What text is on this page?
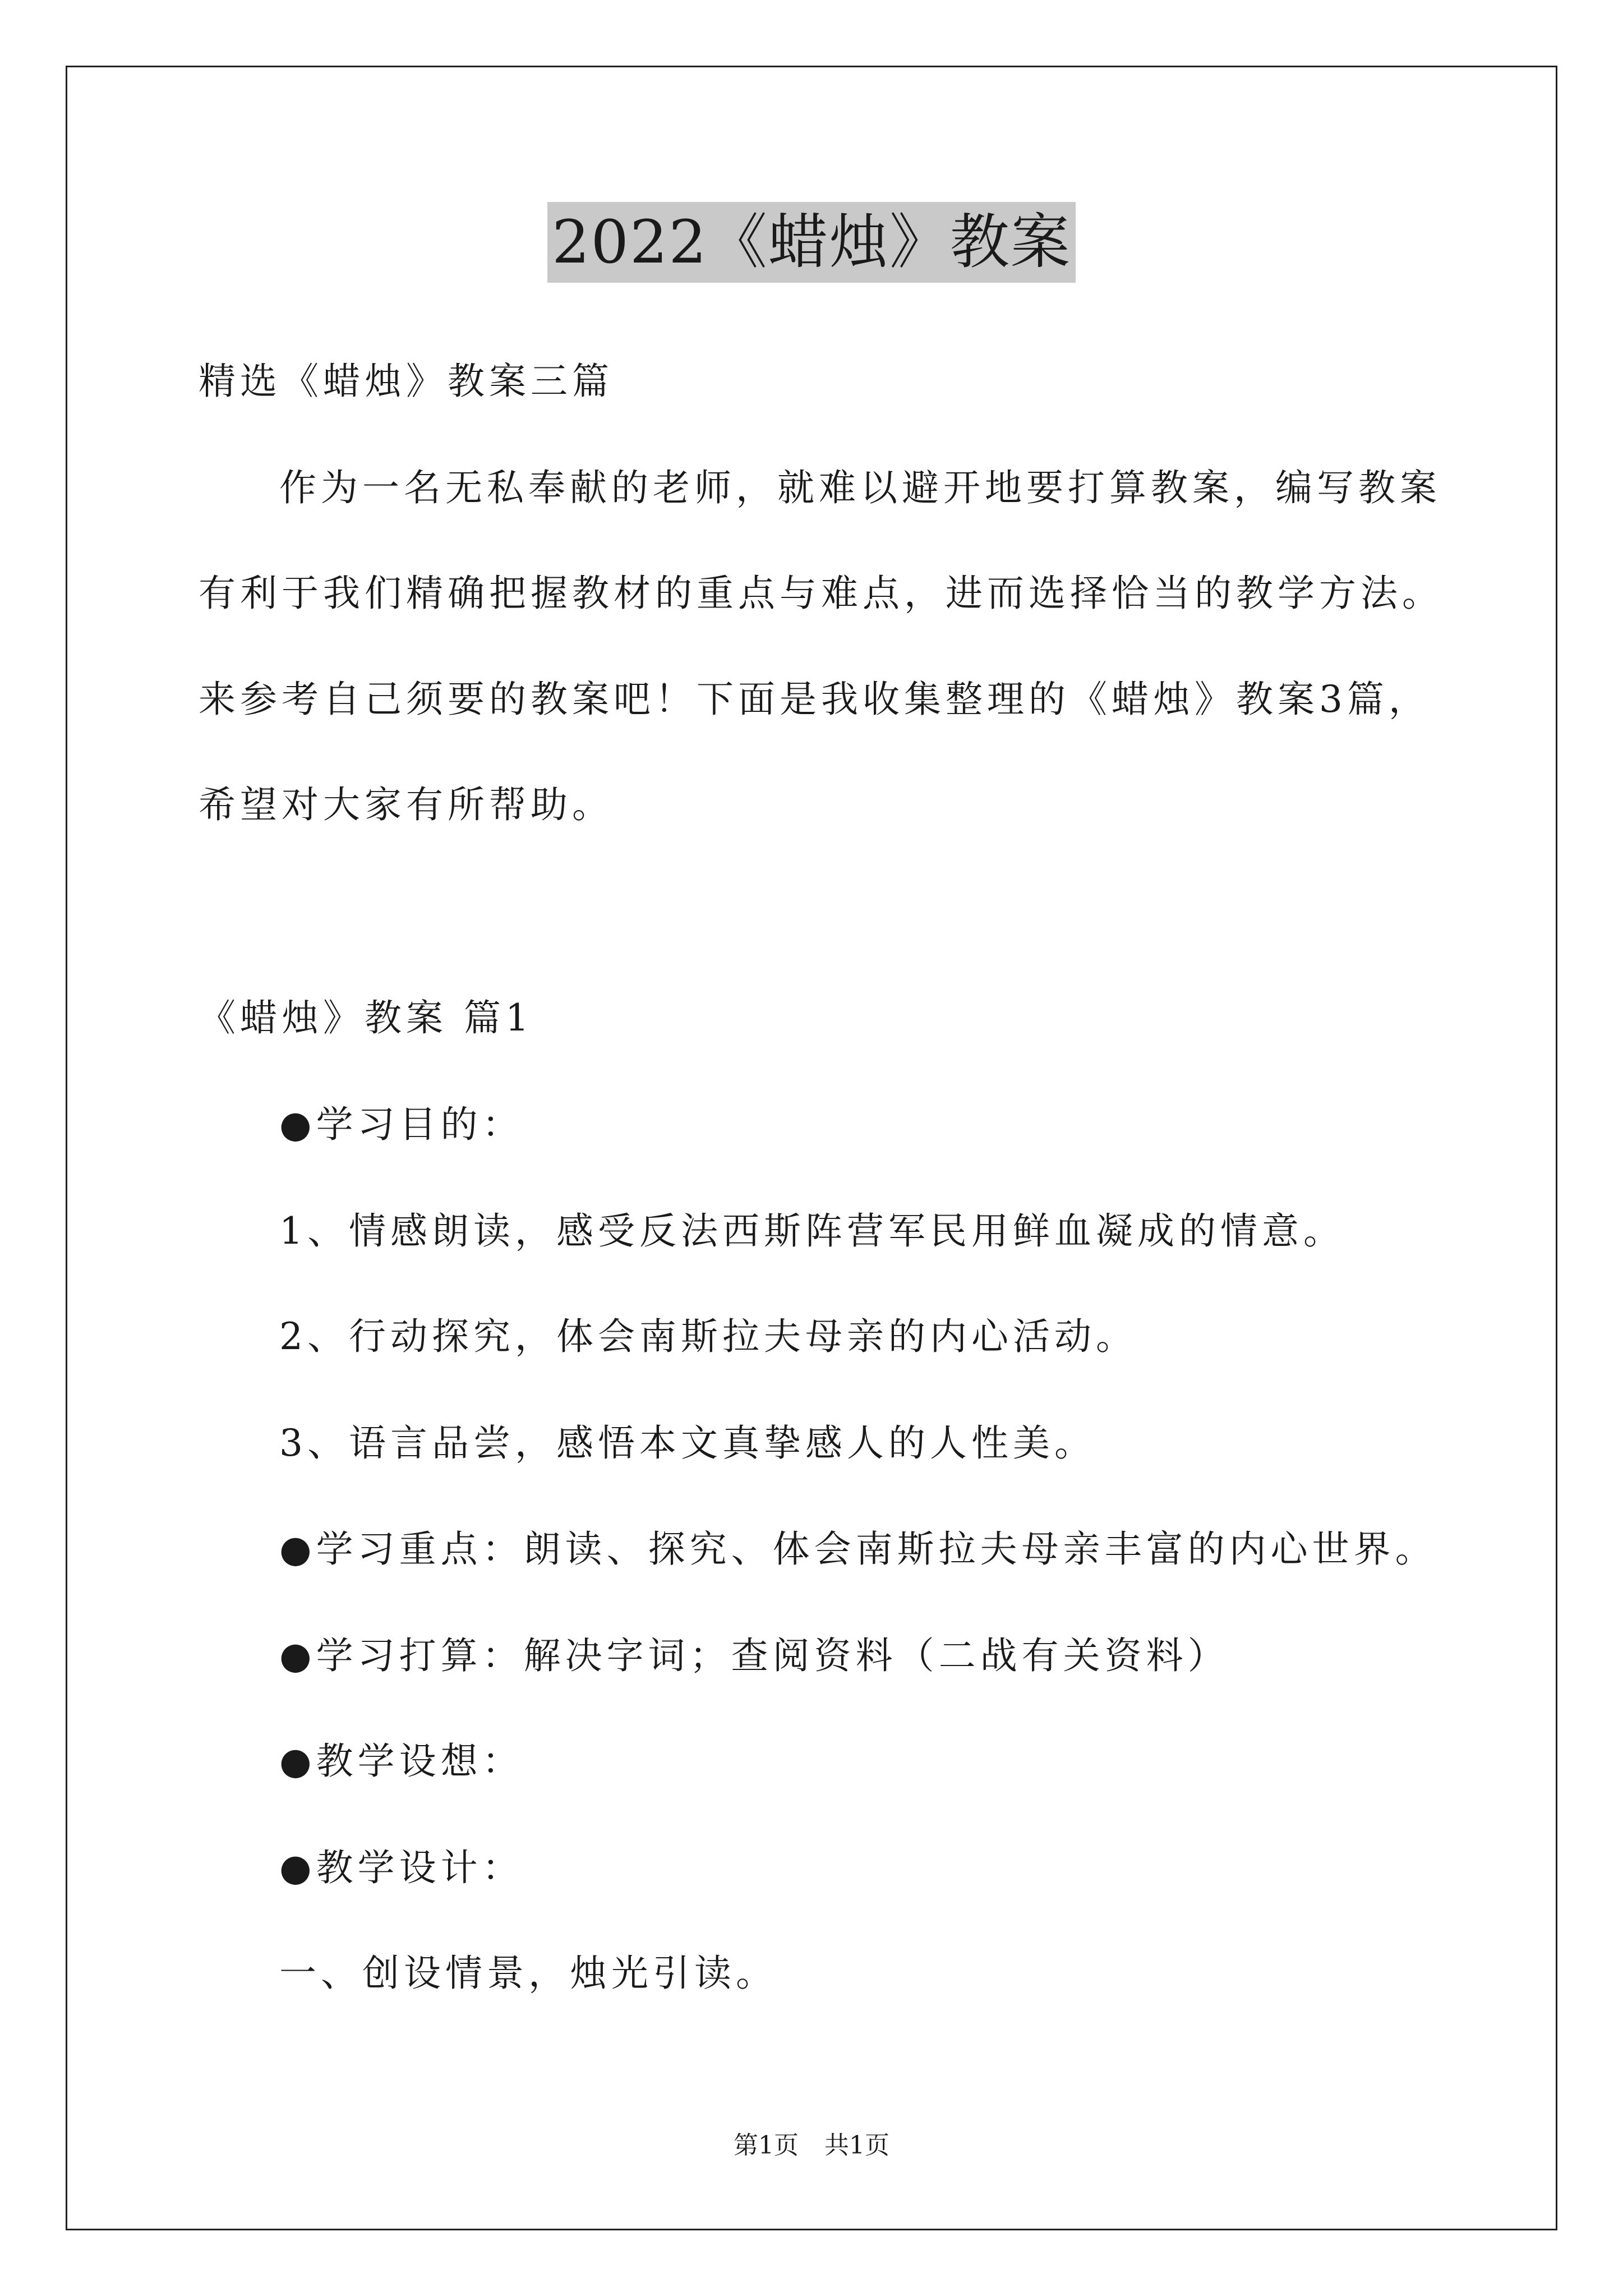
2022《蜡烛》教案
精选《蜡烛》教案三篇
作为一名无私奉献的老师，就难以避开地要打算教案，编写教案
有利于我们精确把握教材的重点与难点，进而选择恰当的教学方法。
来参考自己须要的教案吧！下面是我收集整理的《蜡烛》教案3篇，
希望对大家有所帮助。
《蜡烛》教案 篇1
●学习目的：
1、情感朗读，感受反法西斯阵营军民用鲜血凝成的情意。
2、行动探究，体会南斯拉夫母亲的内心活动。
3、语言品尝，感悟本文真挚感人的人性美。
●学习重点：朗读、探究、体会南斯拉夫母亲丰富的内心世界。
●学习打算：解决字词；查阅资料（二战有关资料）
●教学设想：
●教学设计：
一、创设情景，烛光引读。
第1页 共1页
